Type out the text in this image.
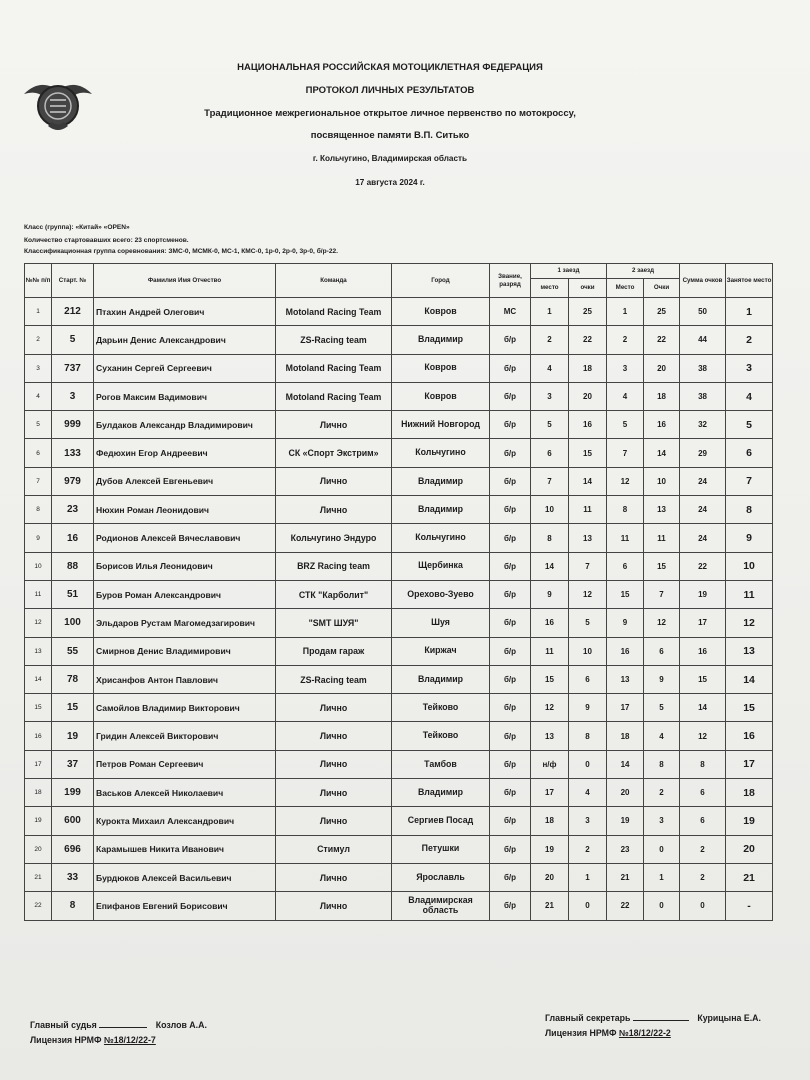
НАЦИОНАЛЬНАЯ РОССИЙСКАЯ МОТОЦИКЛЕТНАЯ ФЕДЕРАЦИЯ
ПРОТОКОЛ ЛИЧНЫХ РЕЗУЛЬТАТОВ
Традиционное межрегиональное открытое личное первенство по мотокроссу,
посвященное памяти В.П. Ситько
г. Кольчугино, Владимирская область
17 августа 2024 г.
Класс (группа): «Китай» «OPEN»
Количество стартовавших всего: 23 спортсменов.
Классификационная группа соревнования: ЗМС-0, МСМК-0, МС-1, КМС-0, 1р-0, 2р-0, 3р-0, б/р-22.
№№ п/п	Старт. №	Фамилия Имя Отчество	Команда	Город	Звание, разряд	1 заезд		2 заезд		Сумма очков	Занятое место
						место	очки	Место	Очки		
1	212	Птахин Андрей Олегович	Motoland Racing Team	Ковров	МС	1	25	1	25	50	1
2	5	Дарьин Денис Александрович	ZS-Racing team	Владимир	б/р	2	22	2	22	44	2
3	737	Суханин Сергей Сергеевич	Motoland Racing Team	Ковров	б/р	4	18	3	20	38	3
4	3	Рогов Максим Вадимович	Motoland Racing Team	Ковров	б/р	3	20	4	18	38	4
5	999	Булдаков Александр Владимирович	Лично	Нижний Новгород	б/р	5	16	5	16	32	5
6	133	Федюхин Егор Андреевич	СК «Спорт Экстрим»	Кольчугино	б/р	6	15	7	14	29	6
7	979	Дубов Алексей Евгеньевич	Лично	Владимир	б/р	7	14	12	10	24	7
8	23	Нюхин Роман Леонидович	Лично	Владимир	б/р	10	11	8	13	24	8
9	16	Родионов Алексей Вячеславович	Кольчугино Эндуро	Кольчугино	б/р	8	13	11	11	24	9
10	88	Борисов Илья Леонидович	BRZ Racing team	Щербинка	б/р	14	7	6	15	22	10
11	51	Буров Роман Александрович	СТК "Карболит"	Орехово-Зуево	б/р	9	12	15	7	19	11
12	100	Эльдаров Рустам Магомедзагирович	"SMT ШУЯ"	Шуя	б/р	16	5	9	12	17	12
13	55	Смирнов Денис Владимирович	Продам гараж	Киржач	б/р	11	10	16	6	16	13
14	78	Хрисанфов Антон Павлович	ZS-Racing team	Владимир	б/р	15	6	13	9	15	14
15	15	Самойлов Владимир Викторович	Лично	Тейково	б/р	12	9	17	5	14	15
16	19	Гридин Алексей Викторович	Лично	Тейково	б/р	13	8	18	4	12	16
17	37	Петров Роман Сергеевич	Лично	Тамбов	б/р	н/ф	0	14	8	8	17
18	199	Васьков Алексей Николаевич	Лично	Владимир	б/р	17	4	20	2	6	18
19	600	Курокта Михаил Александрович	Лично	Сергиев Посад	б/р	18	3	19	3	6	19
20	696	Карамышев Никита Иванович	Стимул	Петушки	б/р	19	2	23	0	2	20
21	33	Бурдюков Алексей Васильевич	Лично	Ярославль	б/р	20	1	21	1	2	21
22	8	Епифанов Евгений Борисович	Лично	Владимирская область	б/р	21	0	22	0	0	-
Главный судья	Козлов А.А.
Лицензия НРМФ №18/12/22-7
Главный секретарь	Курицына Е.А.
Лицензия НРМФ №18/12/22-2
